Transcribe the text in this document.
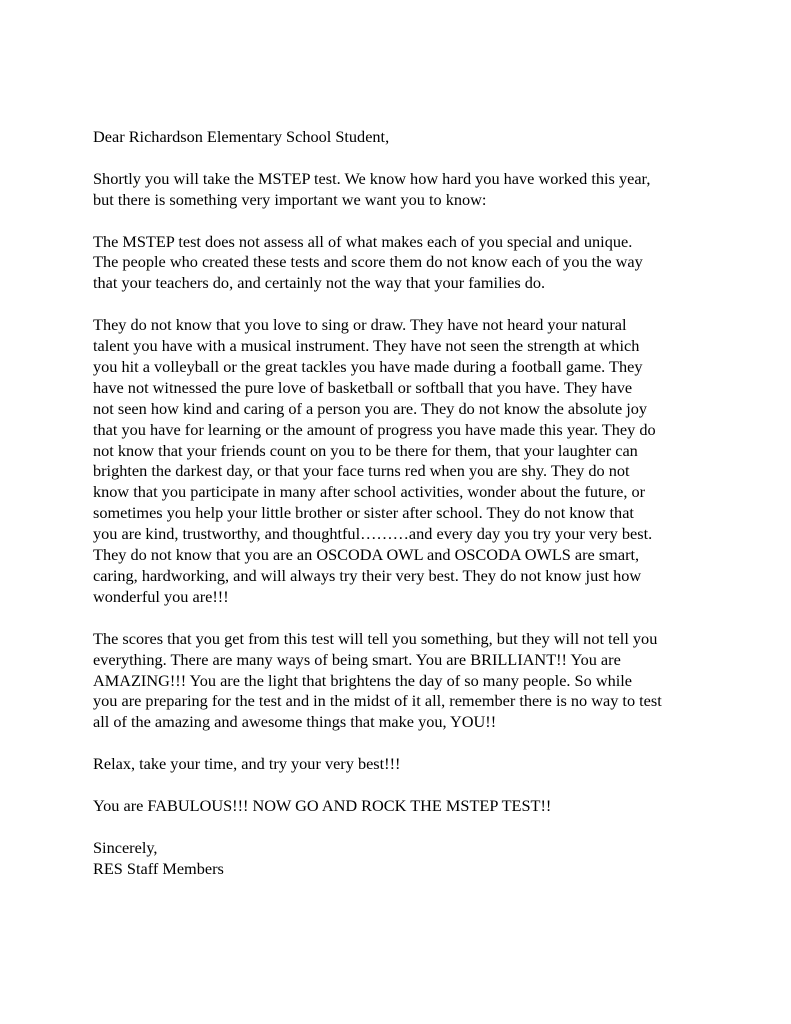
Dear Richardson Elementary School Student,

Shortly you will take the MSTEP test. We know how hard you have worked this year,
but there is something very important we want you to know:

The MSTEP test does not assess all of what makes each of you special and unique.
The people who created these tests and score them do not know each of you the way
that your teachers do, and certainly not the way that your families do.

They do not know that you love to sing or draw. They have not heard your natural
talent you have with a musical instrument. They have not seen the strength at which
you hit a volleyball or the great tackles you have made during a football game. They
have not witnessed the pure love of basketball or softball that you have. They have
not seen how kind and caring of a person you are. They do not know the absolute joy
that you have for learning or the amount of progress you have made this year. They do
not know that your friends count on you to be there for them, that your laughter can
brighten the darkest day, or that your face turns red when you are shy. They do not
know that you participate in many after school activities, wonder about the future, or
sometimes you help your little brother or sister after school. They do not know that
you are kind, trustworthy, and thoughtful………and every day you try your very best.
They do not know that you are an OSCODA OWL and OSCODA OWLS are smart,
caring, hardworking, and will always try their very best. They do not know just how
wonderful you are!!!

The scores that you get from this test will tell you something, but they will not tell you
everything. There are many ways of being smart. You are BRILLIANT!! You are
AMAZING!!! You are the light that brightens the day of so many people. So while
you are preparing for the test and in the midst of it all, remember there is no way to test
all of the amazing and awesome things that make you, YOU!!

Relax, take your time, and try your very best!!!

You are FABULOUS!!! NOW GO AND ROCK THE MSTEP TEST!!

Sincerely,

RES Staff Members
